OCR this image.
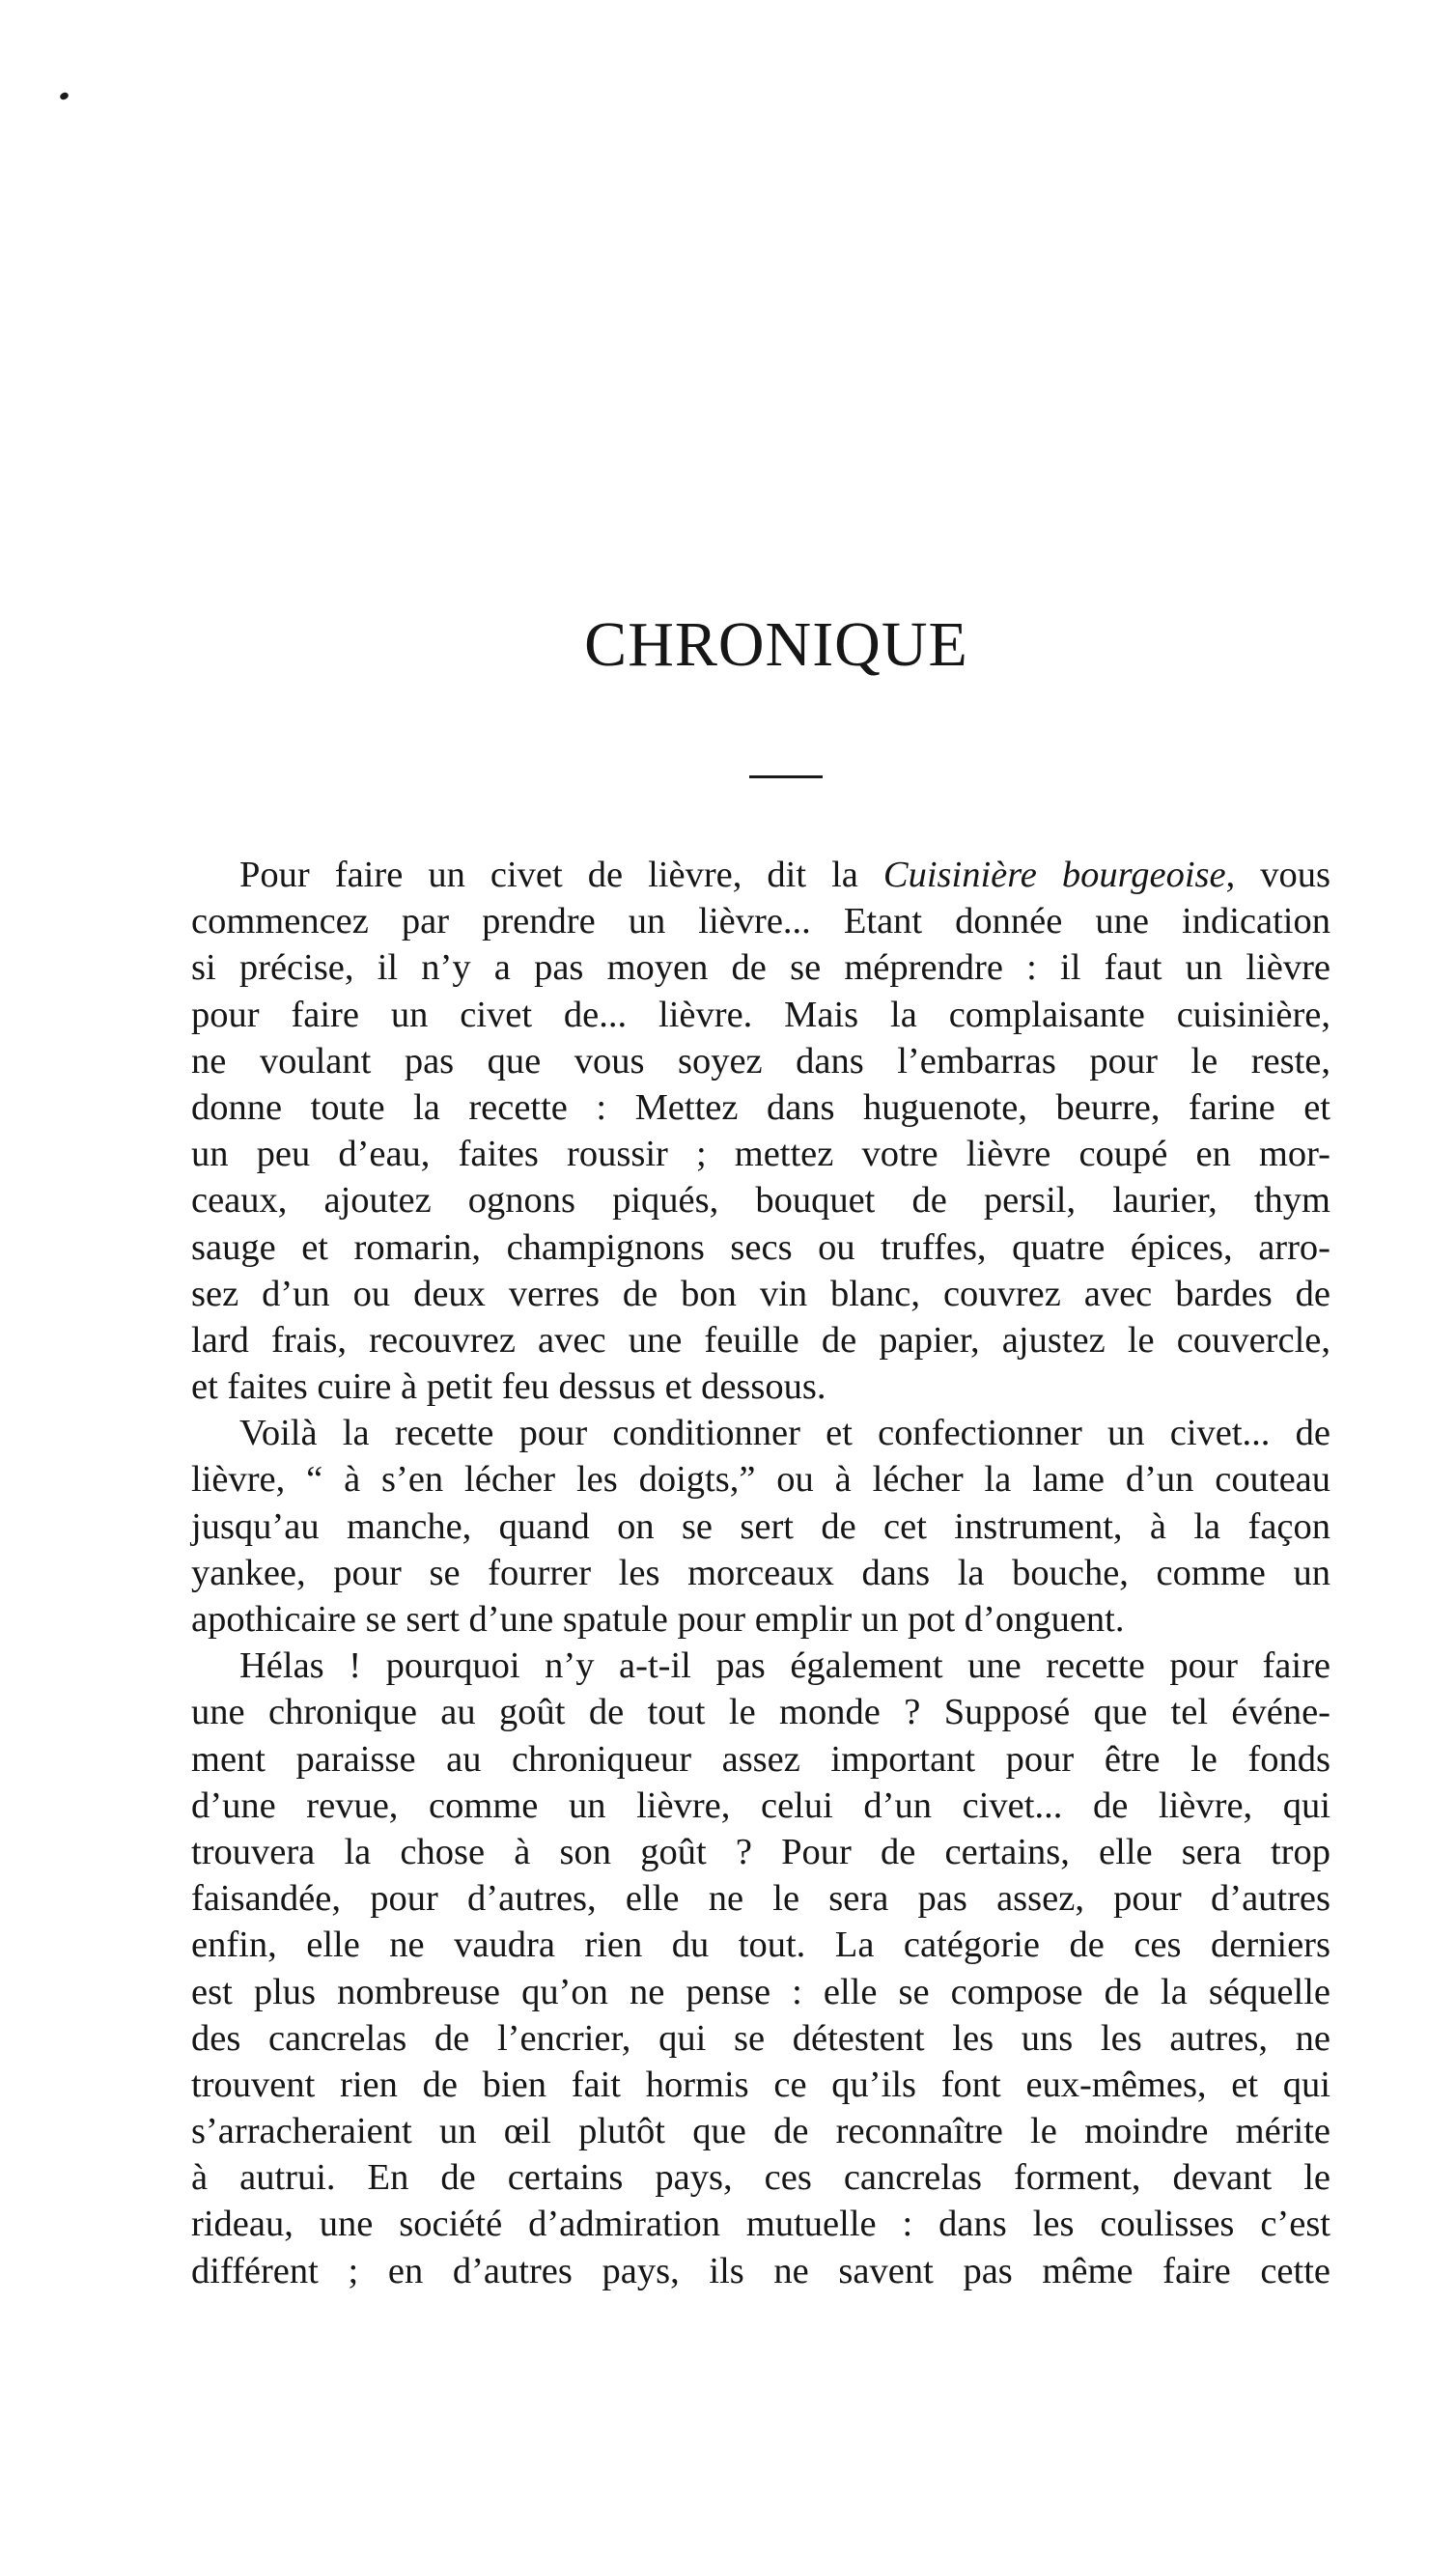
CHRONIQUE

Pour faire un civet de lièvre, dit la Cuisinière bourgeoise, vous
commencez par prendre un lièvre... Etant donnée une indication
si précise, il n’y a pas moyen de se méprendre : il faut un lièvre
pour faire un civet de... lièvre. Mais la complaisante cuisinière,
ne voulant pas que vous soyez dans l’embarras pour le reste,
donne toute la recette : Mettez dans huguenote, beurre, farine et
un peu d’eau, faites roussir ; mettez votre lièvre coupé en mor-
ceaux, ajoutez ognons piqués, bouquet de persil, laurier, thym
sauge et romarin, champignons secs ou truffes, quatre épices, arro-
sez d’un ou deux verres de bon vin blanc, couvrez avec bardes de
lard frais, recouvrez avec une feuille de papier, ajustez le couvercle,
et faites cuire à petit feu dessus et dessous.

Voilà la recette pour conditionner et confectionner un civet... de
lièvre, “ à s’en lécher les doigts,” ou à lécher la lame d’un couteau
jusqu’au manche, quand on se sert de cet instrument, à la façon
yankee, pour se fourrer les morceaux dans la bouche, comme un
apothicaire se sert d’une spatule pour emplir un pot d’onguent.

Hélas ! pourquoi n’y a-t-il pas également une recette pour faire
une chronique au goût de tout le monde ? Supposé que tel événe-
ment paraisse au chroniqueur assez important pour être le fonds
d’une revue, comme un lièvre, celui d’un civet... de lièvre, qui
trouvera la chose à son goût ? Pour de certains, elle sera trop
faisandée, pour d’autres, elle ne le sera pas assez, pour d’autres
enfin, elle ne vaudra rien du tout. La catégorie de ces derniers
est plus nombreuse qu’on ne pense : elle se compose de la séquelle
des cancrelas de l’encrier, qui se détestent les uns les autres, ne
trouvent rien de bien fait hormis ce qu’ils font eux-mêmes, et qui
s’arracheraient un œil plutôt que de reconnaître le moindre mérite
à autrui. En de certains pays, ces cancrelas forment, devant le
rideau, une société d’admiration mutuelle : dans les coulisses c’est
différent ; en d’autres pays, ils ne savent pas même faire cette
